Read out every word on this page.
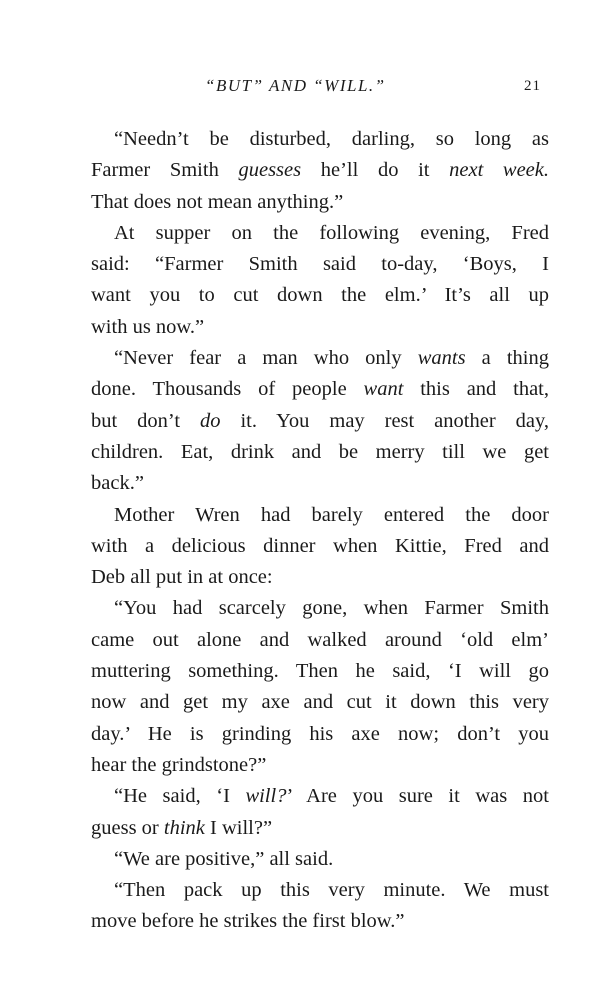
“BUT” AND “WILL.”	21
“Needn’t be disturbed, darling, so long as
Farmer Smith guesses he’ll do it next week.
That does not mean anything.”
At supper on the following evening, Fred
said: “Farmer Smith said to-day, ‘Boys, I
want you to cut down the elm.’ It’s all up
with us now.”
“Never fear a man who only wants a thing
done. Thousands of people want this and that,
but don’t do it. You may rest another day,
children. Eat, drink and be merry till we get
back.”
Mother Wren had barely entered the door
with a delicious dinner when Kittie, Fred and
Deb all put in at once:
“You had scarcely gone, when Farmer Smith
came out alone and walked around ‘old elm’
muttering something. Then he said, ‘I will go
now and get my axe and cut it down this very
day.’ He is grinding his axe now; don’t you
hear the grindstone?”
“He said, ‘I will?’ Are you sure it was not
guess or think I will?”
“We are positive,” all said.
“Then pack up this very minute. We must
move before he strikes the first blow.”
